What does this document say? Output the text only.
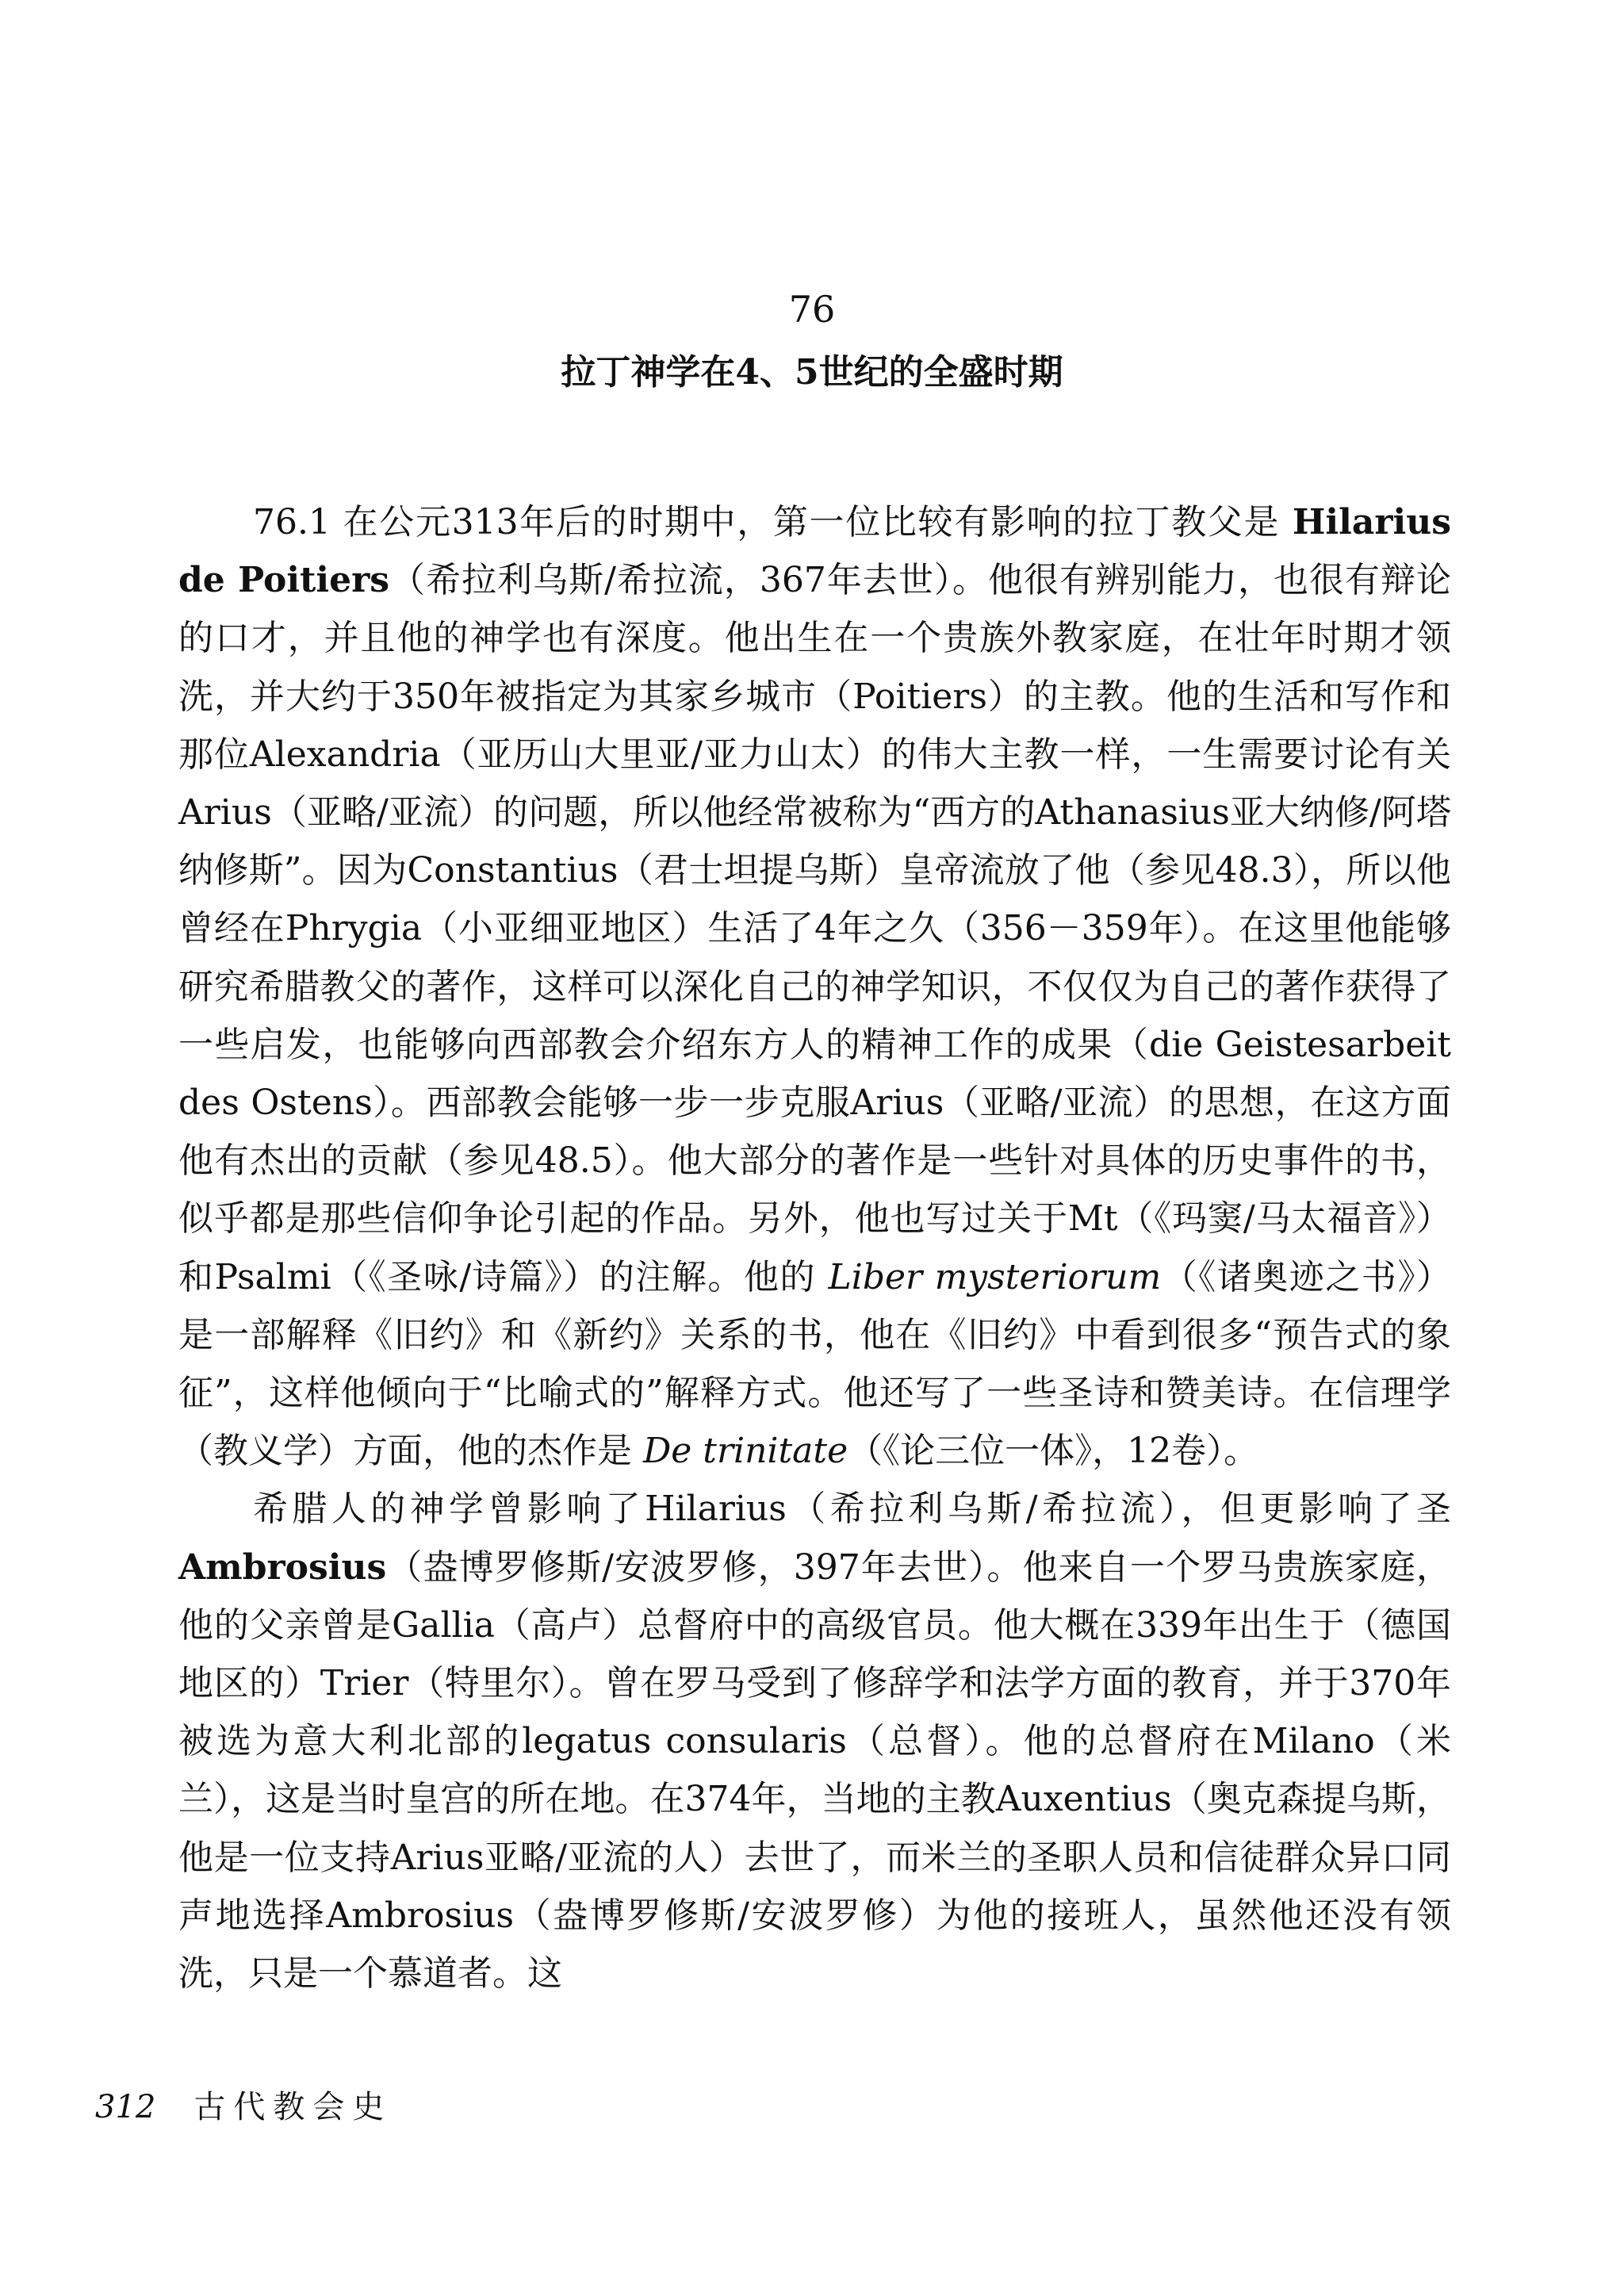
76
拉丁神学在4、5世纪的全盛时期

76.1 在公元313年后的时期中，第一位比较有影响的拉丁教父是 Hilarius de Poitiers（希拉利乌斯/希拉流，367年去世）。他很有辨别能力，也很有辩论的口才，并且他的神学也有深度。他出生在一个贵族外教家庭，在壮年时期才领洗，并大约于350年被指定为其家乡城市（Poitiers）的主教。他的生活和写作和那位Alexandria（亚历山大里亚/亚力山太）的伟大主教一样，一生需要讨论有关Arius（亚略/亚流）的问题，所以他经常被称为“西方的Athanasius亚大纳修/阿塔纳修斯”。因为Constantius（君士坦提乌斯）皇帝流放了他（参见48.3），所以他曾经在Phrygia（小亚细亚地区）生活了4年之久（356－359年）。在这里他能够研究希腊教父的著作，这样可以深化自己的神学知识，不仅仅为自己的著作获得了一些启发，也能够向西部教会介绍东方人的精神工作的成果（die Geistesarbeit des Ostens）。西部教会能够一步一步克服Arius（亚略/亚流）的思想，在这方面他有杰出的贡献（参见48.5）。他大部分的著作是一些针对具体的历史事件的书，似乎都是那些信仰争论引起的作品。另外，他也写过关于Mt（《玛窦/马太福音》）和Psalmi（《圣咏/诗篇》）的注解。他的 Liber mysteriorum（《诸奥迹之书》）是一部解释《旧约》和《新约》关系的书，他在《旧约》中看到很多“预告式的象征”，这样他倾向于“比喻式的”解释方式。他还写了一些圣诗和赞美诗。在信理学（教义学）方面，他的杰作是 De trinitate（《论三位一体》，12卷）。

希腊人的神学曾影响了Hilarius（希拉利乌斯/希拉流），但更影响了圣Ambrosius（盎博罗修斯/安波罗修，397年去世）。他来自一个罗马贵族家庭，他的父亲曾是Gallia（高卢）总督府中的高级官员。他大概在339年出生于（德国地区的）Trier（特里尔）。曾在罗马受到了修辞学和法学方面的教育，并于370年被选为意大利北部的legatus consularis（总督）。他的总督府在Milano（米兰），这是当时皇宫的所在地。在374年，当地的主教Auxentius（奥克森提乌斯，他是一位支持Arius亚略/亚流的人）去世了，而米兰的圣职人员和信徒群众异口同声地选择Ambrosius（盎博罗修斯/安波罗修）为他的接班人，虽然他还没有领洗，只是一个慕道者。这

312 古代教会史
